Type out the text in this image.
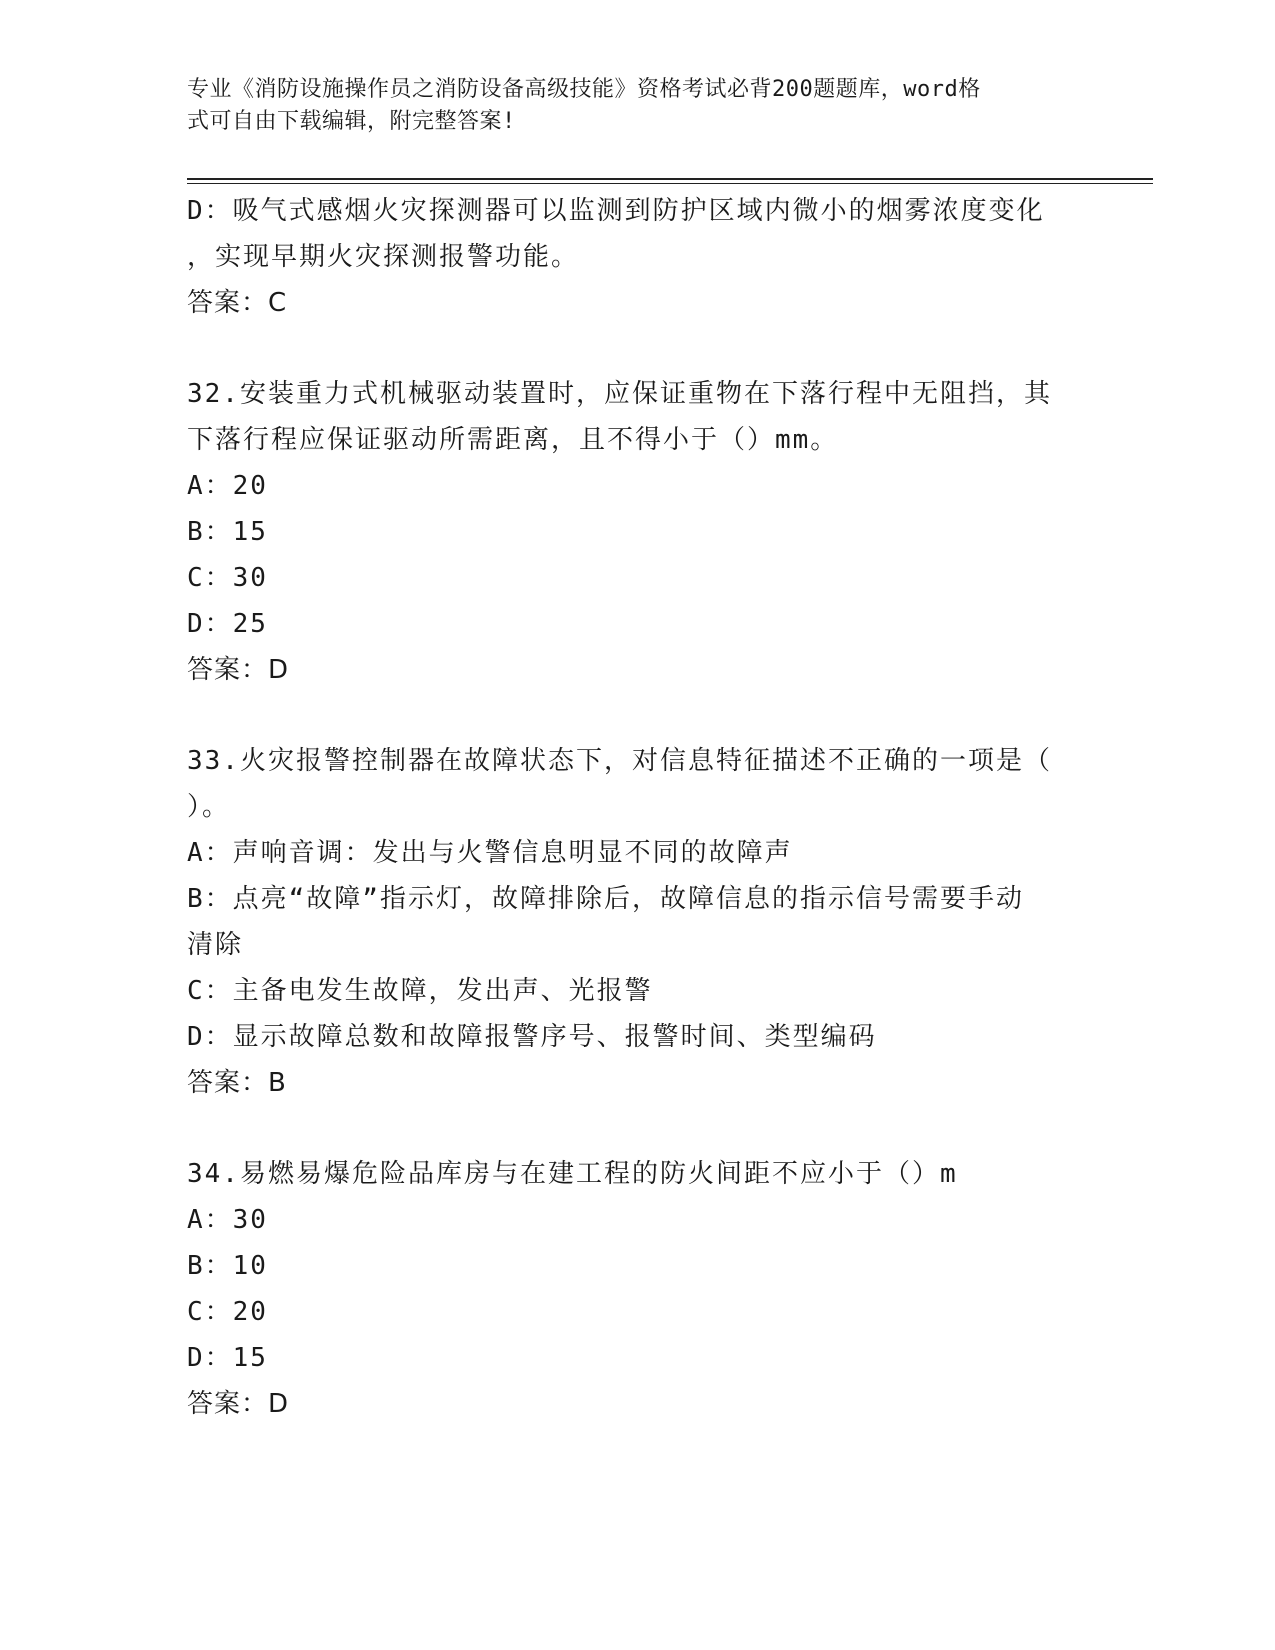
专业《消防设施操作员之消防设备高级技能》资格考试必背200题题库，word格
式可自由下载编辑，附完整答案!
D：吸气式感烟火灾探测器可以监测到防护区域内微小的烟雾浓度变化
，实现早期火灾探测报警功能。
答案：C
32.安装重力式机械驱动装置时，应保证重物在下落行程中无阻挡，其
下落行程应保证驱动所需距离，且不得小于（）mm。
A：20
B：15
C：30
D：25
答案：D
33.火灾报警控制器在故障状态下，对信息特征描述不正确的一项是（
）。
A：声响音调：发出与火警信息明显不同的故障声
B：点亮“故障”指示灯，故障排除后，故障信息的指示信号需要手动
清除
C：主备电发生故障，发出声、光报警
D：显示故障总数和故障报警序号、报警时间、类型编码
答案：B
34.易燃易爆危险品库房与在建工程的防火间距不应小于（）m
A：30
B：10
C：20
D：15
答案：D
